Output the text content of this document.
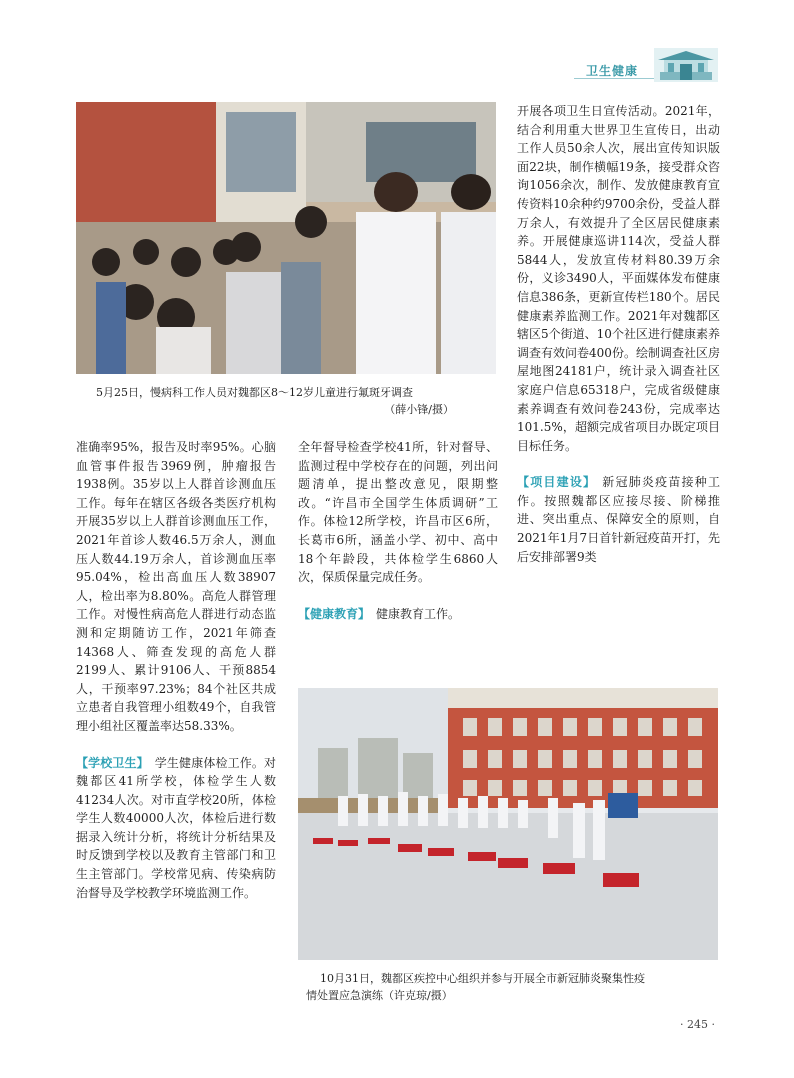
卫生健康
5月25日，慢病科工作人员对魏都区8～12岁儿童进行氟斑牙调查
（薛小锋/摄）

开展各项卫生日宣传活动。2021年，结合利用重大世界卫生宣传日，出动工作人员50余人次，展出宣传知识版面22块，制作横幅19条，接受群众咨询1056余次，制作、发放健康教育宣传资料10余种约9700余份，受益人群万余人，有效提升了全区居民健康素养。开展健康巡讲114次，受益人群5844人，发放宣传材料80.39万余份，义诊3490人，平面媒体发布健康信息386条，更新宣传栏180个。居民健康素养监测工作。2021年对魏都区辖区5个街道、10个社区进行健康素养调查有效问卷400份。绘制调查社区房屋地图24181户，统计录入调查社区家庭户信息65318户，完成省级健康素养调查有效问卷243份，完成率达101.5%，超额完成省项目办既定项目目标任务。

【项目建设】 新冠肺炎疫苗接种工作。按照魏都区应接尽接、阶梯推进、突出重点、保障安全的原则，自2021年1月7日首针新冠疫苗开打，先后安排部署9类

准确率95%，报告及时率95%。心脑血管事件报告3969例，肿瘤报告1938例。35岁以上人群首诊测血压工作。每年在辖区各级各类医疗机构开展35岁以上人群首诊测血压工作，2021年首诊人数46.5万余人，测血压人数44.19万余人，首诊测血压率95.04%，检出高血压人数38907人，检出率为8.80%。高危人群管理工作。对慢性病高危人群进行动态监测和定期随访工作，2021年筛查14368人、筛查发现的高危人群2199人、累计9106人、干预8854人，干预率97.23%；84个社区共成立患者自我管理小组数49个，自我管理小组社区覆盖率达58.33%。

【学校卫生】 学生健康体检工作。对魏都区41所学校，体检学生人数41234人次。对市直学校20所，体检学生人数40000人次，体检后进行数据录入统计分析，将统计分析结果及时反馈到学校以及教育主管部门和卫生主管部门。学校常见病、传染病防治督导及学校教学环境监测工作。

全年督导检查学校41所，针对督导、监测过程中学校存在的问题，列出问题清单，提出整改意见，限期整改。“许昌市全国学生体质调研”工作。体检12所学校，许昌市区6所，长葛市6所，涵盖小学、初中、高中18个年龄段，共体检学生6860人次，保质保量完成任务。

【健康教育】 健康教育工作。

10月31日，魏都区疾控中心组织并参与开展全市新冠肺炎聚集性疫
情处置应急演练（许克琼/摄）
· 245 ·
